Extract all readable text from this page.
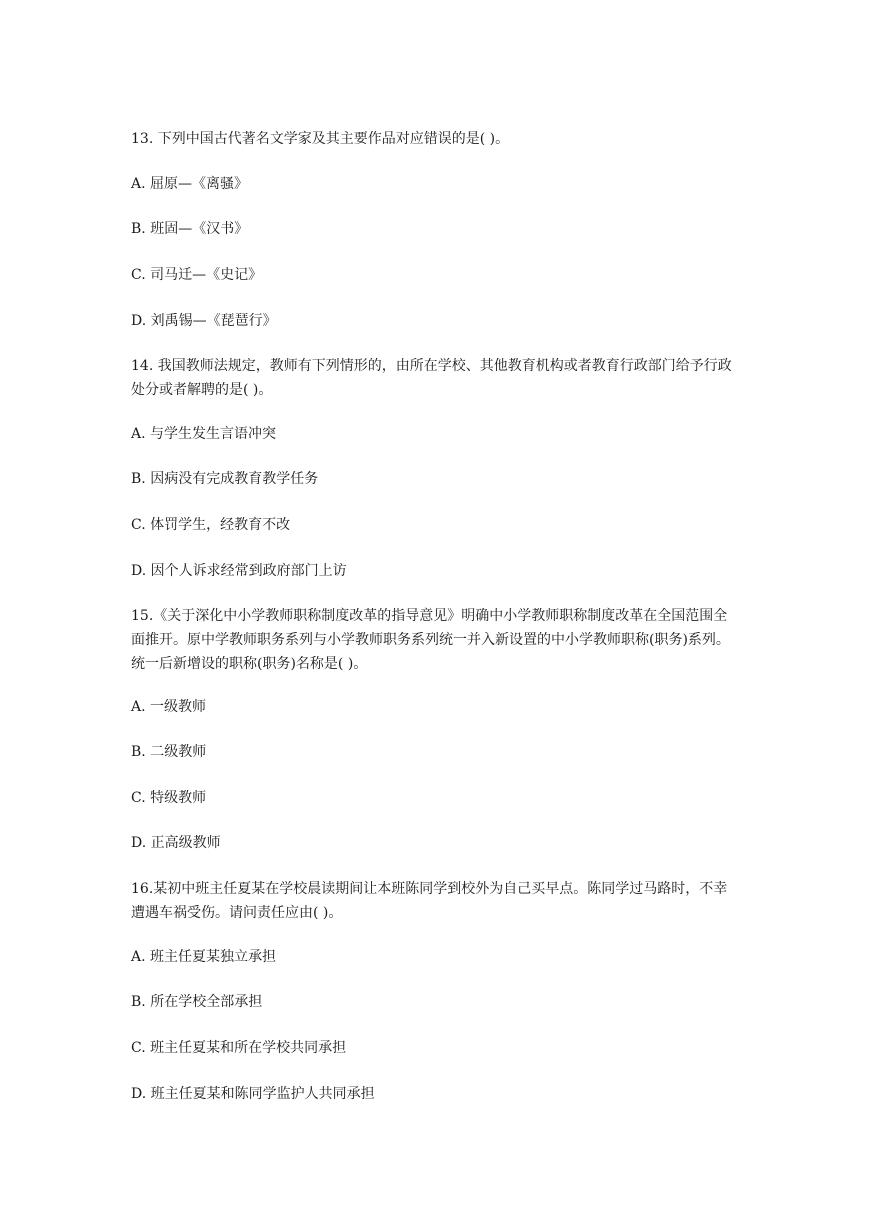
13. 下列中国古代著名文学家及其主要作品对应错误的是( )。

A. 屈原—《离骚》

B. 班固—《汉书》

C. 司马迁—《史记》

D. 刘禹锡—《琵琶行》

14. 我国教师法规定，教师有下列情形的，由所在学校、其他教育机构或者教育行政部门给予行政处分或者解聘的是( )。

A. 与学生发生言语冲突

B. 因病没有完成教育教学任务

C. 体罚学生，经教育不改

D. 因个人诉求经常到政府部门上访

15.《关于深化中小学教师职称制度改革的指导意见》明确中小学教师职称制度改革在全国范围全面推开。原中学教师职务系列与小学教师职务系列统一并入新设置的中小学教师职称(职务)系列。统一后新增设的职称(职务)名称是( )。

A. 一级教师

B. 二级教师

C. 特级教师

D. 正高级教师

16.某初中班主任夏某在学校晨读期间让本班陈同学到校外为自己买早点。陈同学过马路时，不幸遭遇车祸受伤。请问责任应由( )。

A. 班主任夏某独立承担

B. 所在学校全部承担

C. 班主任夏某和所在学校共同承担

D. 班主任夏某和陈同学监护人共同承担
